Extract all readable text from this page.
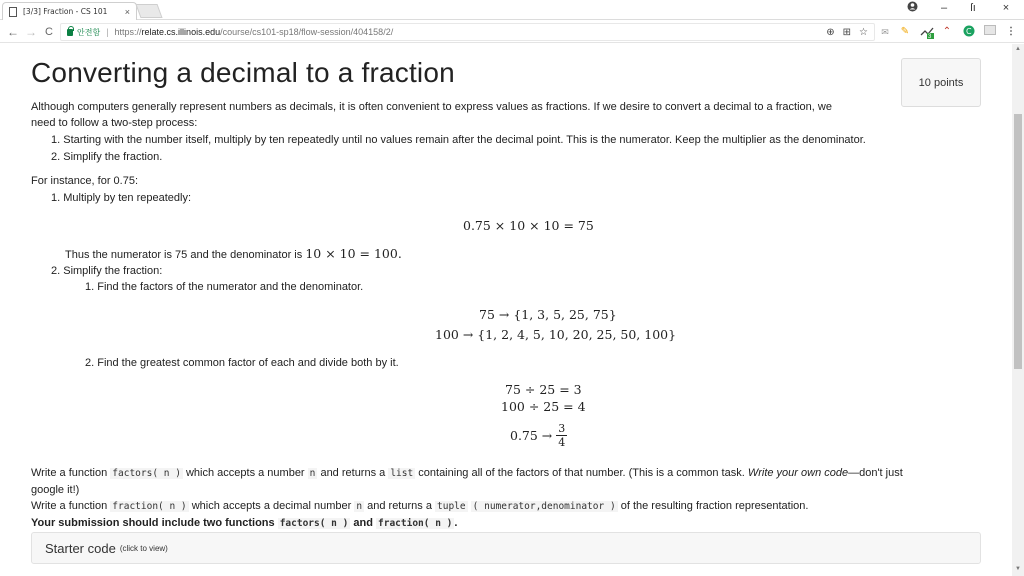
[3/3] Fraction - CS 101	×	–	ſı	×
← → C	안전함 | https:// relate.cs.illinois.edu /course/cs101-sp18/flow-session/404158/2/	⊕ ⊞ ☆	✉	✎	3 ⌃	C	⋮
Converting a decimal to a fraction	10 points
Although computers generally represent numbers as decimals, it is often convenient to express values as fractions. If we desire to convert a decimal to a fraction, we
need to follow a two-step process:
1. Starting with the number itself, multiply by ten repeatedly until no values remain after the decimal point. This is the numerator. Keep the multiplier as the denominator.
2. Simplify the fraction.
For instance, for 0.75:
1. Multiply by ten repeatedly:
0.75 × 10 × 10 = 75
Thus the numerator is 75 and the denominator is 10 × 10 = 100.
2. Simplify the fraction:
1. Find the factors of the numerator and the denominator.
75 → {1, 3, 5, 25, 75}
100 → {1, 2, 4, 5, 10, 20, 25, 50, 100}
2. Find the greatest common factor of each and divide both by it.
75 ÷ 25 = 3
100 ÷ 25 = 4
$0.75 \to \frac{3}{4}$
Write a function factors( n ) which accepts a number n and returns a list containing all of the factors of that number. (This is a common task. Write your own code—don't just
google it!)
Write a function fraction( n ) which accepts a decimal number n and returns a tuple ( numerator,denominator ) of the resulting fraction representation.
Your submission should include two functions factors( n ) and fraction( n ) .
Starter code (click to view)
▲
▼
